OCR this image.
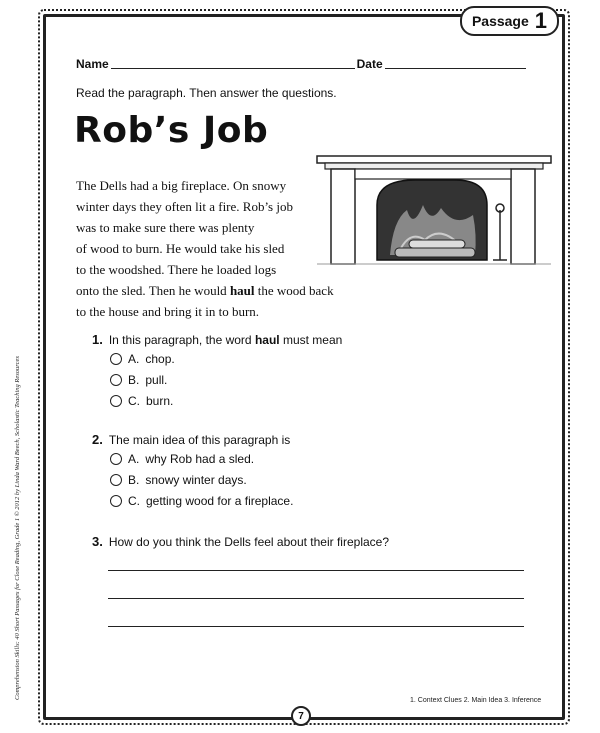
Passage 1
Name	Date
Read the paragraph. Then answer the questions.
Rob’s Job
The Dells had a big fireplace. On snowy
winter days they often lit a fire. Rob’s job
was to make sure there was plenty
of wood to burn. He would take his sled
to the woodshed. There he loaded logs
onto the sled. Then he would haul the wood back
to the house and bring it in to burn.
1. In this paragraph, the word haul must mean
A. chop.
B. pull.
C. burn.
2. The main idea of this paragraph is
A. why Rob had a sled.
B. snowy winter days.
C. getting wood for a fireplace.
3. How do you think the Dells feel about their fireplace?
1. Context Clues 2. Main Idea 3. Inference
7
Comprehension Skills: 40 Short Passages for Close Reading, Grade 1 © 2012 by Linda Ward Beech, Scholastic Teaching Resources
